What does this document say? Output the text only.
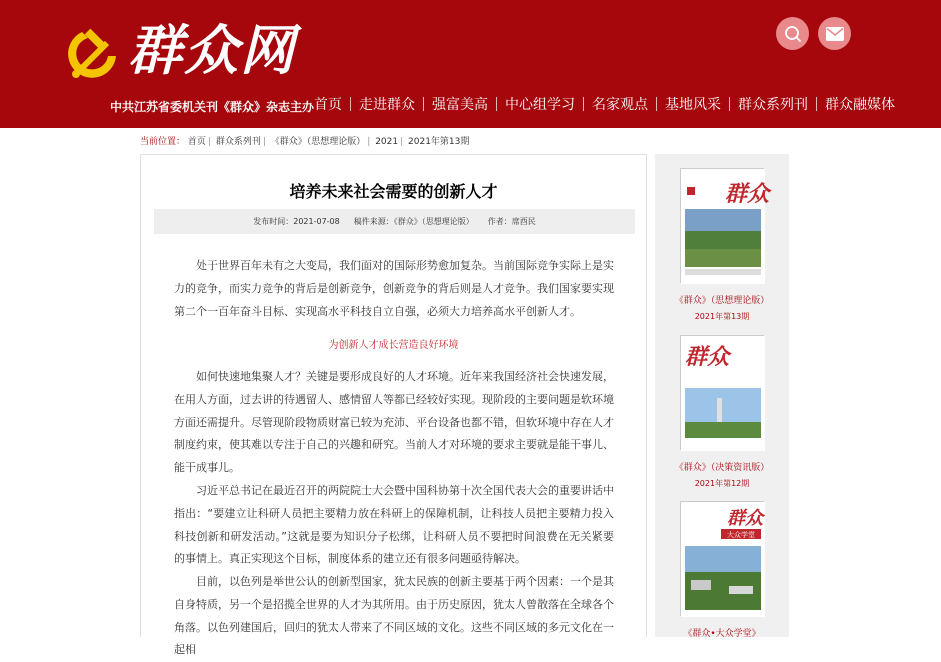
群众网
中共江苏省委机关刊《群众》杂志主办 首页	走进群众	强富美高	中心组学习	名家观点	基地风采	群众系列刊	群众融媒体
当前位置： 首页 | 群众系列刊 | 《群众》（思想理论版） | 2021 | 2021年第13期
培养未来社会需要的创新人才
发布时间：2021-07-08 稿件来源：《群众》（思想理论版） 作者：席酉民
处于世界百年未有之大变局，我们面对的国际形势愈加复杂。当前国际竞争实际上是实力的竞争，而实力竞争的背后是创新竞争，创新竞争的背后则是人才竞争。我们国家要实现第二个一百年奋斗目标、实现高水平科技自立自强，必须大力培养高水平创新人才。
为创新人才成长营造良好环境
如何快速地集聚人才？关键是要形成良好的人才环境。近年来我国经济社会快速发展，在用人方面，过去讲的待遇留人、感情留人等都已经较好实现。现阶段的主要问题是软环境方面还需提升。尽管现阶段物质财富已较为充沛、平台设备也都不错，但软环境中存在人才制度约束，使其难以专注于自己的兴趣和研究。当前人才对环境的要求主要就是能干事儿、能干成事儿。
习近平总书记在最近召开的两院院士大会暨中国科协第十次全国代表大会的重要讲话中指出：“要建立让科研人员把主要精力放在科研上的保障机制，让科技人员把主要精力投入科技创新和研发活动。”这就是要为知识分子松绑，让科研人员不要把时间浪费在无关紧要的事情上。真正实现这个目标，制度体系的建立还有很多问题亟待解决。
目前，以色列是举世公认的创新型国家，犹太民族的创新主要基于两个因素：一个是其自身特质，另一个是招揽全世界的人才为其所用。由于历史原因，犹太人曾散落在全球各个角落。以色列建国后，回归的犹太人带来了不同区域的文化。这些不同区域的多元文化在一起相
群众
《群众》（思想理论版）
2021年第13期
群众
《群众》（决策资讯版）
2021年第12期
群众
大众学堂
《群众•大众学堂》
